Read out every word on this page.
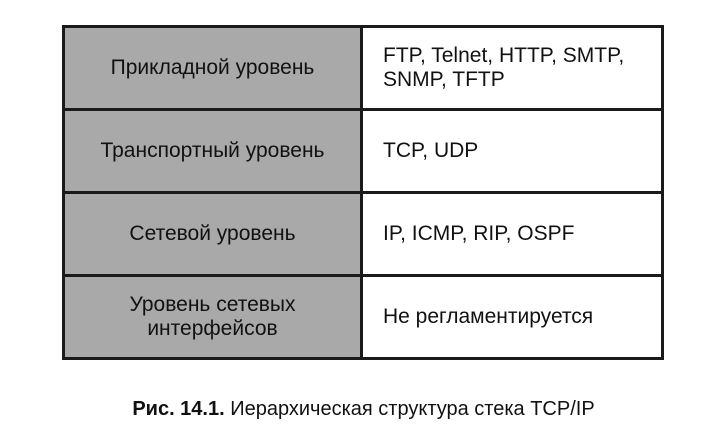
Прикладной уровень	FTP, Telnet, HTTP, SMTP, SNMP, TFTP
Транспортный уровень	TCP, UDP
Сетевой уровень	IP, ICMP, RIP, OSPF
Уровень сетевых интерфейсов	Не регламентируется
Рис. 14.1. Иерархическая структура стека TCP/IP
